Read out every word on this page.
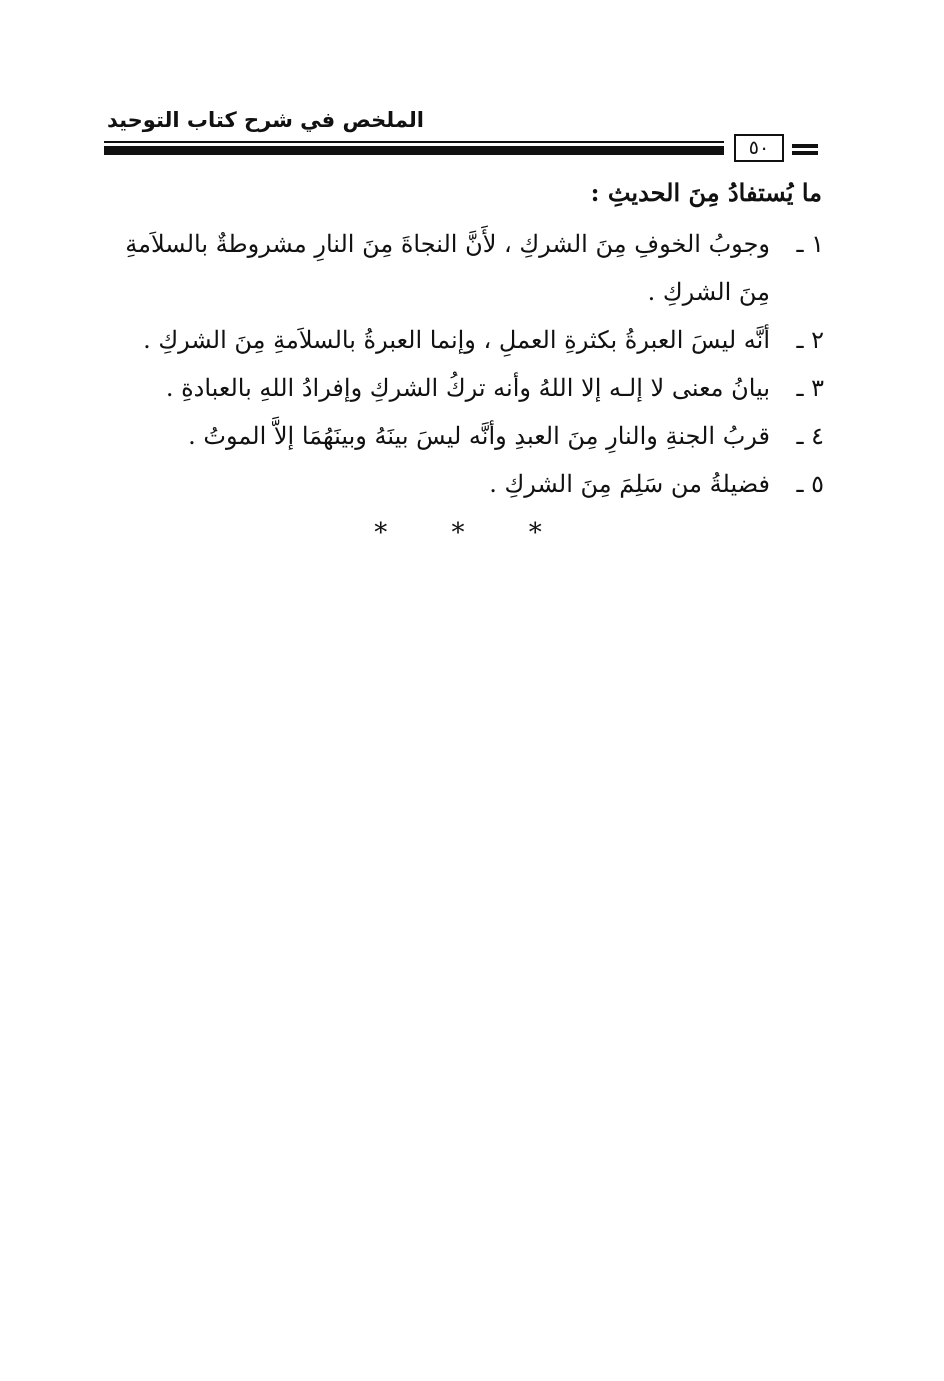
الملخص في شرح كتاب التوحيد
٥٠
ما يُستفادُ مِنَ الحديثِ :
١ ـ
وجوبُ الخوفِ مِنَ الشركِ ، لأَنَّ النجاةَ مِنَ النارِ مشروطةٌ بالسلاَمةِ مِنَ الشركِ .
٢ ـ
أنَّه ليسَ العبرةُ بكثرةِ العملِ ، وإنما العبرةُ بالسلاَمةِ مِنَ الشركِ .
٣ ـ
بيانُ معنى لا إلـه إلا اللهُ وأنه تركُ الشركِ وإفرادُ اللهِ بالعبادةِ .
٤ ـ
قربُ الجنةِ والنارِ مِنَ العبدِ وأنَّه ليسَ بينَهُ وبينَهُمَا إلاَّ الموتُ .
٥ ـ
فضيلةُ من سَلِمَ مِنَ الشركِ .
* * *
